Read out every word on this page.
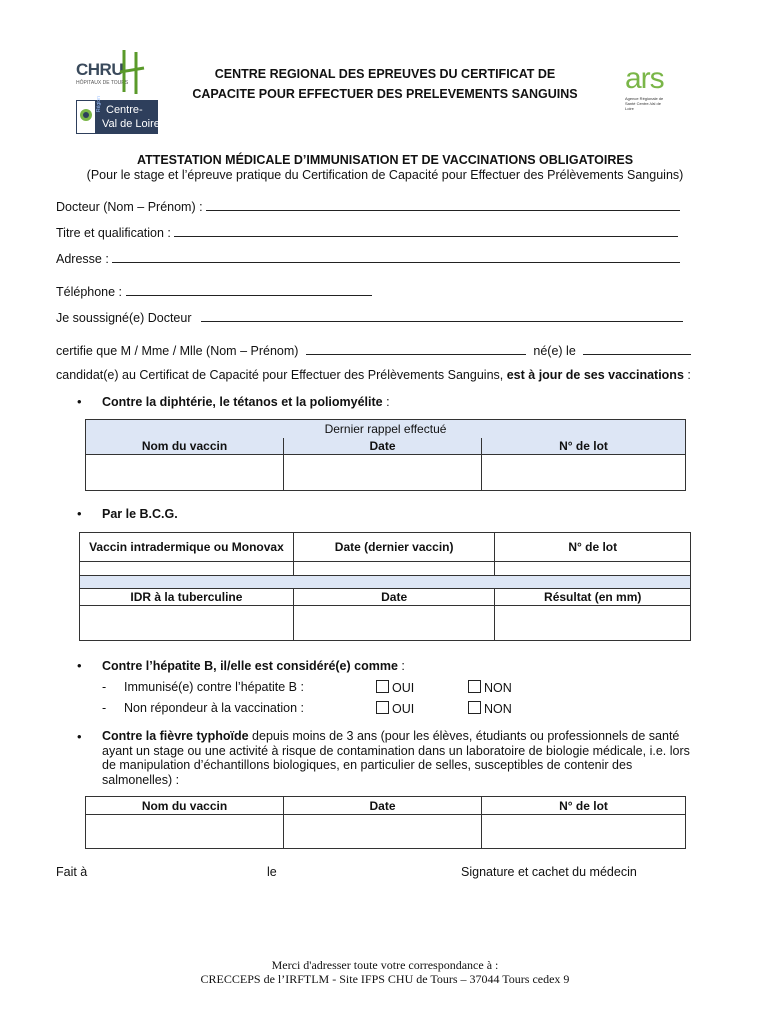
CHRU
HÔPITAUX DE TOURS
Région Centre-
Val de Loire
ars
Agence Régionale de Santé Centre-Val de Loire
CENTRE REGIONAL DES EPREUVES DU CERTIFICAT DE
CAPACITE POUR EFFECTUER DES PRELEVEMENTS SANGUINS
ATTESTATION MÉDICALE D’IMMUNISATION ET DE VACCINATIONS OBLIGATOIRES
(Pour le stage et l’épreuve pratique du Certification de Capacité pour Effectuer des Prélèvements Sanguins)
Docteur (Nom – Prénom) :
Titre et qualification :
Adresse :
Téléphone :
Je soussigné(e) Docteur
certifie que M / Mme / Mlle (Nom – Prénom)	né(e) le
candidat(e) au Certificat de Capacité pour Effectuer des Prélèvements Sanguins, est à jour de ses vaccinations :
• Contre la diphtérie, le tétanos et la poliomyélite :
Dernier rappel effectué		
Nom du vaccin	Date	N° de lot

• Par le B.C.G.
Vaccin intradermique ou Monovax	Date (dernier vaccin)	N° de lot

IDR à la tuberculine	Date	Résultat (en mm)

• Contre l’hépatite B, il/elle est considéré(e) comme :
- Immunisé(e) contre l’hépatite B :	OUI	NON
- Non répondeur à la vaccination :	OUI	NON
• Contre la fièvre typhoïde depuis moins de 3 ans (pour les élèves, étudiants ou professionnels de santé
ayant un stage ou une activité à risque de contamination dans un laboratoire de biologie médicale, i.e. lors
de manipulation d’échantillons biologiques, en particulier de selles, susceptibles de contenir des
salmonelles) :
Nom du vaccin	Date	N° de lot

Fait à	le	Signature et cachet du médecin
Merci d'adresser toute votre correspondance à :
CRECCEPS de l’IRFTLM - Site IFPS CHU de Tours – 37044 Tours cedex 9
